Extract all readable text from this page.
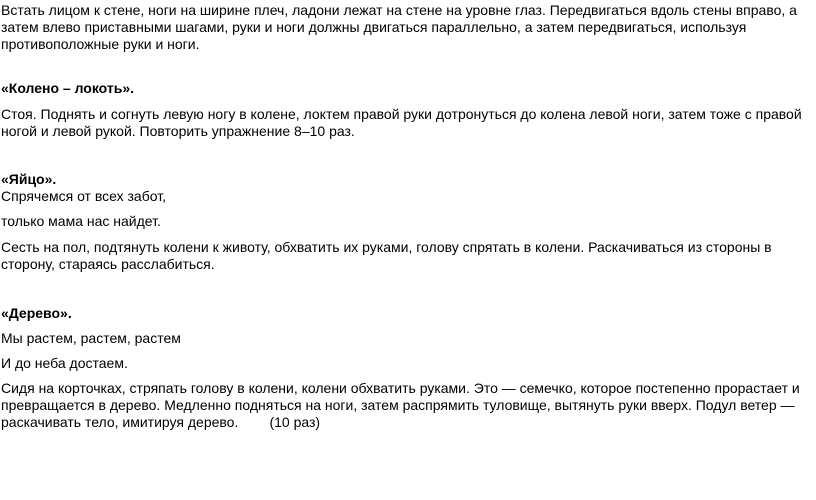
Встать лицом к стене, ноги на ширине плеч, ладони лежат на стене на уровне глаз. Передвигаться вдоль стены вправо, а затем влево приставными шагами, руки и ноги должны двигаться параллельно, а затем передвигаться, используя противоположные руки и ноги.

«Колено – локоть».

Стоя. Поднять и согнуть левую ногу в колене, локтем правой руки дотронуться до колена левой ноги, затем тоже с правой ногой и левой рукой. Повторить упражнение 8–10 раз.

«Яйцо».

Спрячемся от всех забот,

только мама нас найдет.

Сесть на пол, подтянуть колени к животу, обхватить их руками, голову спрятать в колени. Раскачиваться из стороны в сторону, стараясь расслабиться.

«Дерево».

Мы растем, растем, растем

И до неба достаем.

Сидя на корточках, стряпать голову в колени, колени обхватить руками. Это — семечко, которое постепенно прорастает и превращается в дерево. Медленно подняться на ноги, затем распрямить туловище, вытянуть руки вверх. Подул ветер — раскачивать тело, имитируя дерево. (10 раз)
